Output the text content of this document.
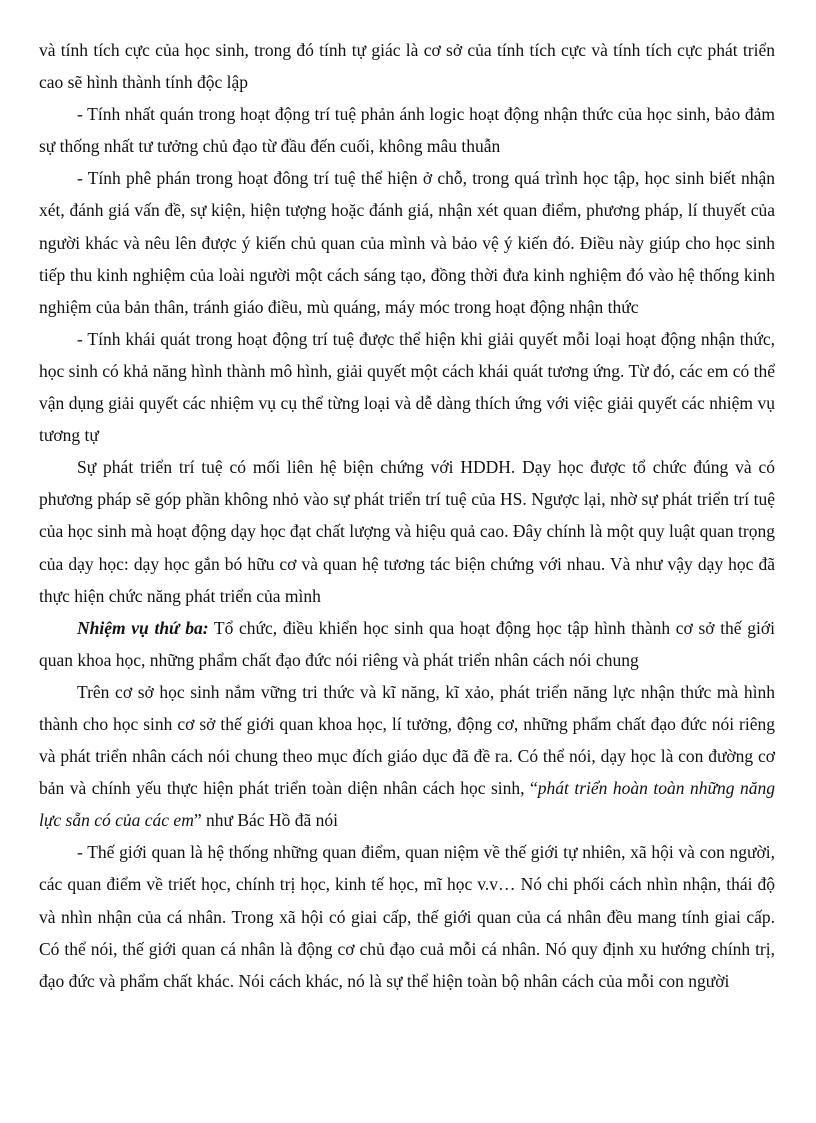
và tính tích cực của học sinh, trong đó tính tự giác là cơ sở của tính tích cực và tính tích cực phát triển cao sẽ hình thành tính độc lập

- Tính nhất quán trong hoạt động trí tuệ phản ánh logic hoạt động nhận thức của học sinh, bảo đảm sự thống nhất tư tưởng chủ đạo từ đầu đến cuối, không mâu thuẫn

- Tính phê phán trong hoạt đông trí tuệ thể hiện ở chỗ, trong quá trình học tập, học sinh biết nhận xét, đánh giá vấn đề, sự kiện, hiện tượng hoặc đánh giá, nhận xét quan điểm, phương pháp, lí thuyết của người khác và nêu lên được ý kiến chủ quan của mình và bảo vệ ý kiến đó. Điều này giúp cho học sinh tiếp thu kinh nghiệm của loài người một cách sáng tạo, đồng thời đưa kinh nghiệm đó vào hệ thống kinh nghiệm của bản thân, tránh giáo điều, mù quáng, máy móc trong hoạt động nhận thức

- Tính khái quát trong hoạt động trí tuệ được thể hiện khi giải quyết mỗi loại hoạt động nhận thức, học sinh có khả năng hình thành mô hình, giải quyết một cách khái quát tương ứng. Từ đó, các em có thể vận dụng giải quyết các nhiệm vụ cụ thể từng loại và dễ dàng thích ứng với việc giải quyết các nhiệm vụ tương tự

Sự phát triển trí tuệ có mối liên hệ biện chứng với HDDH. Dạy học được tổ chức đúng và có phương pháp sẽ góp phần không nhỏ vào sự phát triển trí tuệ của HS. Ngược lại, nhờ sự phát triển trí tuệ của học sinh mà hoạt động dạy học đạt chất lượng và hiệu quả cao. Đây chính là một quy luật quan trọng của dạy học: dạy học gắn bó hữu cơ và quan hệ tương tác biện chứng với nhau. Và như vậy dạy học đã thực hiện chức năng phát triển của mình

Nhiệm vụ thứ ba: Tổ chức, điều khiển học sinh qua hoạt động học tập hình thành cơ sở thế giới quan khoa học, những phẩm chất đạo đức nói riêng và phát triển nhân cách nói chung

Trên cơ sở học sinh nắm vững tri thức và kĩ năng, kĩ xảo, phát triển năng lực nhận thức mà hình thành cho học sinh cơ sở thế giới quan khoa học, lí tưởng, động cơ, những phẩm chất đạo đức nói riêng và phát triển nhân cách nói chung theo mục đích giáo dục đã đề ra. Có thể nói, dạy học là con đường cơ bản và chính yếu thực hiện phát triển toàn diện nhân cách học sinh, “phát triển hoàn toàn những năng lực sẵn có của các em” như Bác Hồ đã nói

- Thế giới quan là hệ thống những quan điểm, quan niệm về thế giới tự nhiên, xã hội và con người, các quan điểm về triết học, chính trị học, kinh tế học, mĩ học v.v… Nó chi phối cách nhìn nhận, thái độ và nhìn nhận của cá nhân. Trong xã hội có giai cấp, thế giới quan của cá nhân đều mang tính giai cấp. Có thể nói, thế giới quan cá nhân là động cơ chủ đạo cuả mỗi cá nhân. Nó quy định xu hướng chính trị, đạo đức và phẩm chất khác. Nói cách khác, nó là sự thể hiện toàn bộ nhân cách của mỗi con người
